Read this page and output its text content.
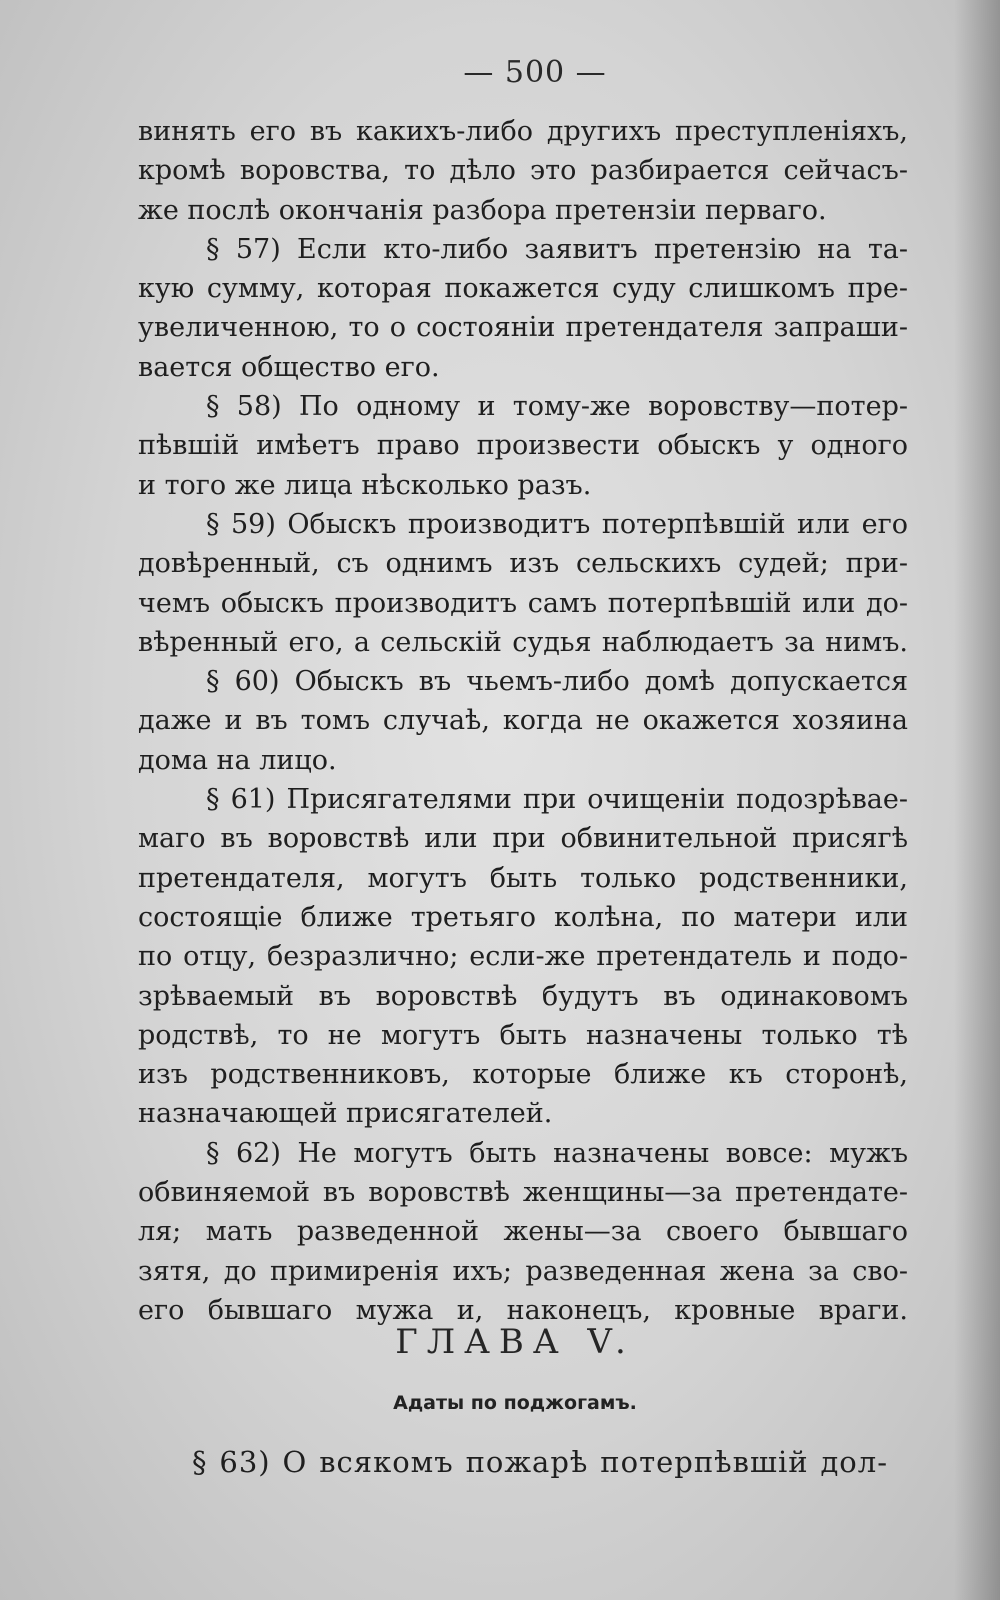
— 500 —
винять его въ какихъ-либо другихъ преступленіяхъ,
кромѣ воровства, то дѣло это разбирается сейчасъ-
же послѣ окончанія разбора претензіи перваго.
§ 57) Если кто-либо заявитъ претензію на та-
кую сумму, которая покажется суду слишкомъ пре-
увеличенною, то о состояніи претендателя запраши-
вается общество его.
§ 58) По одному и тому-же воровству—потер-
пѣвшій имѣетъ право произвести обыскъ у одного
и того же лица нѣсколько разъ.
§ 59) Обыскъ производитъ потерпѣвшій или его
довѣренный, съ однимъ изъ сельскихъ судей; при-
чемъ обыскъ производитъ самъ потерпѣвшій или до-
вѣренный его, а сельскій судья наблюдаетъ за нимъ.
§ 60) Обыскъ въ чьемъ-либо домѣ допускается
даже и въ томъ случаѣ, когда не окажется хозяина
дома на лицо.
§ 61) Присягателями при очищеніи подозрѣвае-
маго въ воровствѣ или при обвинительной присягѣ
претендателя, могутъ быть только родственники,
состоящіе ближе третьяго колѣна, по матери или
по отцу, безразлично; если-же претендатель и подо-
зрѣваемый въ воровствѣ будутъ въ одинаковомъ
родствѣ, то не могутъ быть назначены только тѣ
изъ родственниковъ, которые ближе къ сторонѣ,
назначающей присягателей.
§ 62) Не могутъ быть назначены вовсе: мужъ
обвиняемой въ воровствѣ женщины—за претендате-
ля; мать разведенной жены—за своего бывшаго
зятя, до примиренія ихъ; разведенная жена за сво-
его бывшаго мужа и, наконецъ, кровные враги.
ГЛАВА V.
Адаты по поджогамъ.
§ 63) О всякомъ пожарѣ потерпѣвшій дол-
